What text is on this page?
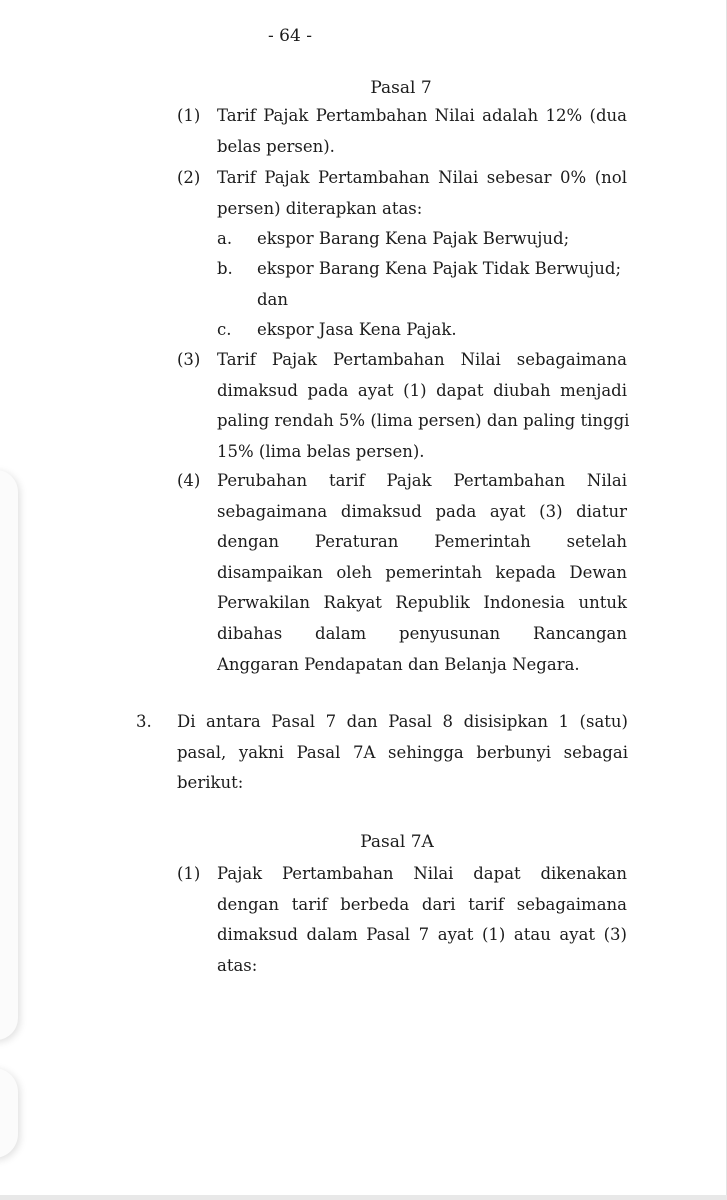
- 64 -
Pasal 7
(1) Tarif Pajak Pertambahan Nilai adalah 12% (dua
belas persen).
(2) Tarif Pajak Pertambahan Nilai sebesar 0% (nol
persen) diterapkan atas:
a. ekspor Barang Kena Pajak Berwujud;
b. ekspor Barang Kena Pajak Tidak Berwujud;
dan
c. ekspor Jasa Kena Pajak.
(3) Tarif Pajak Pertambahan Nilai sebagaimana
dimaksud pada ayat (1) dapat diubah menjadi
paling rendah 5% (lima persen) dan paling tinggi
15% (lima belas persen).
(4) Perubahan tarif Pajak Pertambahan Nilai
sebagaimana dimaksud pada ayat (3) diatur
dengan Peraturan Pemerintah setelah
disampaikan oleh pemerintah kepada Dewan
Perwakilan Rakyat Republik Indonesia untuk
dibahas dalam penyusunan Rancangan
Anggaran Pendapatan dan Belanja Negara.
3. Di antara Pasal 7 dan Pasal 8 disisipkan 1 (satu)
pasal, yakni Pasal 7A sehingga berbunyi sebagai
berikut:
Pasal 7A
(1) Pajak Pertambahan Nilai dapat dikenakan
dengan tarif berbeda dari tarif sebagaimana
dimaksud dalam Pasal 7 ayat (1) atau ayat (3)
atas:
